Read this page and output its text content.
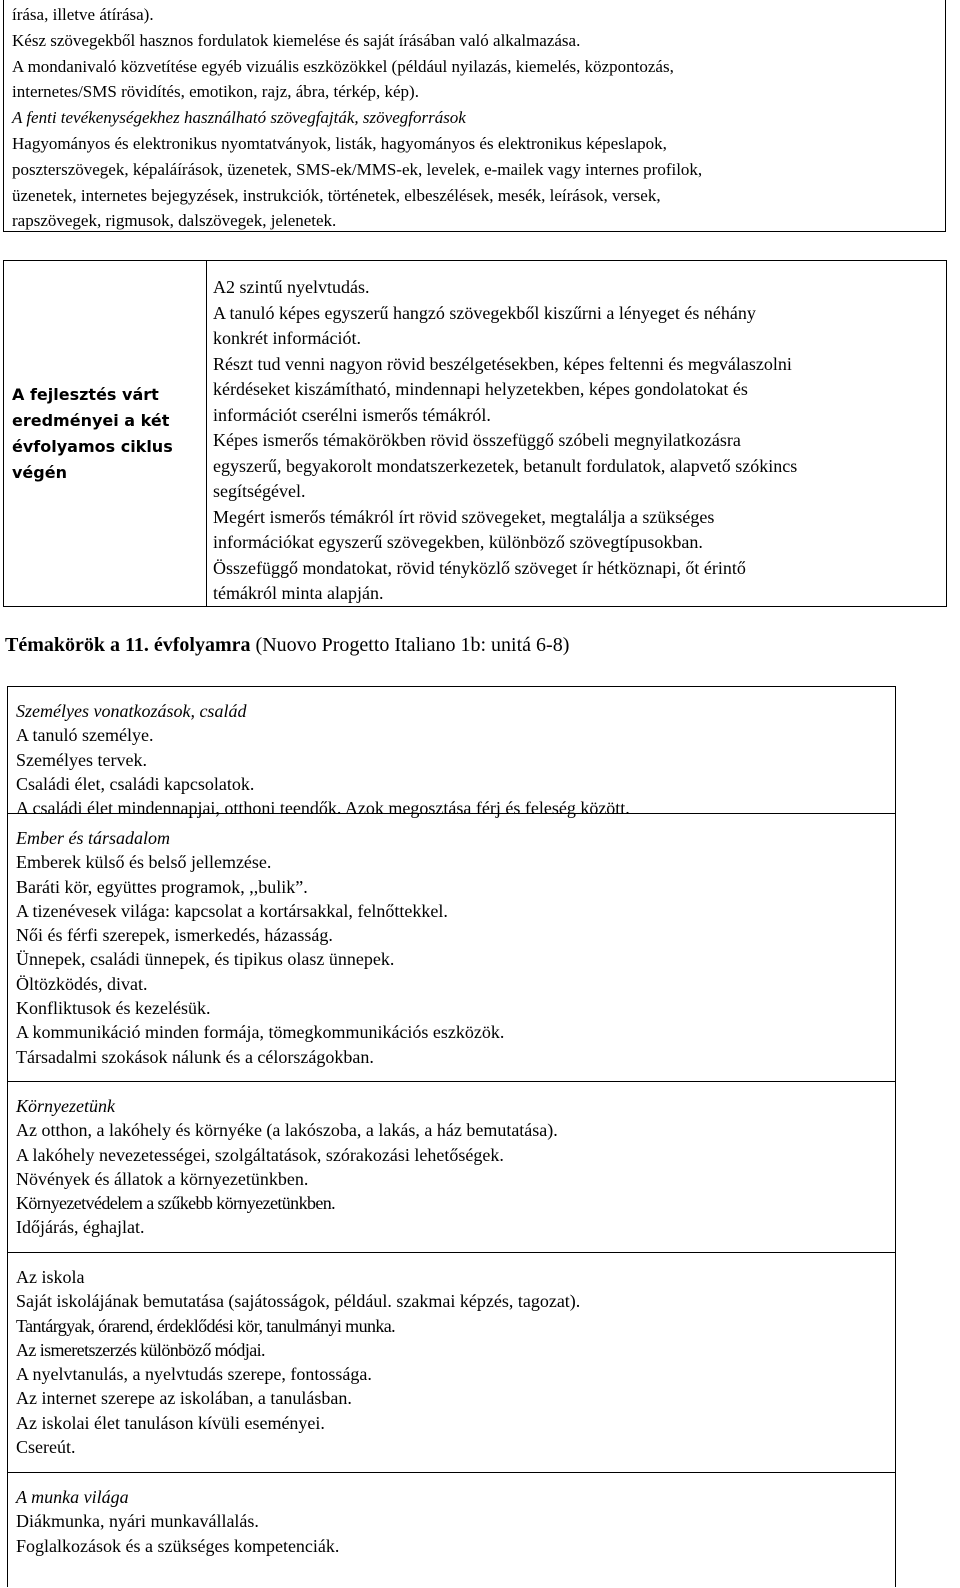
írása, illetve átírása).
Kész szövegekből hasznos fordulatok kiemelése és saját írásában való alkalmazása.
A mondanivaló közvetítése egyéb vizuális eszközökkel (például nyilazás, kiemelés, központozás,
internetes/SMS rövidítés, emotikon, rajz, ábra, térkép, kép).
A fenti tevékenységekhez használható szövegfajták, szövegforrások
Hagyományos és elektronikus nyomtatványok, listák, hagyományos és elektronikus képeslapok,
poszterszövegek, képaláírások, üzenetek, SMS-ek/MMS-ek, levelek, e-mailek vagy internes profilok,
üzenetek, internetes bejegyzések, instrukciók, történetek, elbeszélések, mesék, leírások, versek,
rapszövegek, rigmusok, dalszövegek, jelenetek.
A fejlesztés várt
eredményei a két
évfolyamos ciklus
végén
A2 szintű nyelvtudás.
A tanuló képes egyszerű hangzó szövegekből kiszűrni a lényeget és néhány
konkrét információt.
Részt tud venni nagyon rövid beszélgetésekben, képes feltenni és megválaszolni
kérdéseket kiszámítható, mindennapi helyzetekben, képes gondolatokat és
információt cserélni ismerős témákról.
Képes ismerős témakörökben rövid összefüggő szóbeli megnyilatkozásra
egyszerű, begyakorolt mondatszerkezetek, betanult fordulatok, alapvető szókincs
segítségével.
Megért ismerős témákról írt rövid szövegeket, megtalálja a szükséges
információkat egyszerű szövegekben, különböző szövegtípusokban.
Összefüggő mondatokat, rövid tényközlő szöveget ír hétköznapi, őt érintő
témákról minta alapján.
Témakörök a 11. évfolyamra (Nuovo Progetto Italiano 1b: unitá 6-8)
Személyes vonatkozások, család
A tanuló személye.
Személyes tervek.
Családi élet, családi kapcsolatok.
A családi élet mindennapjai, otthoni teendők. Azok megosztása férj és feleség között.
Ember és társadalom
Emberek külső és belső jellemzése.
Baráti kör, együttes programok, ,,bulik”.
A tizenévesek világa: kapcsolat a kortársakkal, felnőttekkel.
Női és férfi szerepek, ismerkedés, házasság.
Ünnepek, családi ünnepek, és tipikus olasz ünnepek.
Öltözködés, divat.
Konfliktusok és kezelésük.
A kommunikáció minden formája, tömegkommunikációs eszközök.
Társadalmi szokások nálunk és a célországokban.
Környezetünk
Az otthon, a lakóhely és környéke (a lakószoba, a lakás, a ház bemutatása).
A lakóhely nevezetességei, szolgáltatások, szórakozási lehetőségek.
Növények és állatok a környezetünkben.
Környezetvédelem a szűkebb környezetünkben.
Időjárás, éghajlat.
Az iskola
Saját iskolájának bemutatása (sajátosságok, például. szakmai képzés, tagozat).
Tantárgyak, órarend, érdeklődési kör, tanulmányi munka.
Az ismeretszerzés különböző módjai.
A nyelvtanulás, a nyelvtudás szerepe, fontossága.
Az internet szerepe az iskolában, a tanulásban.
Az iskolai élet tanuláson kívüli eseményei.
Csereút.
A munka világa
Diákmunka, nyári munkavállalás.
Foglalkozások és a szükséges kompetenciák.
